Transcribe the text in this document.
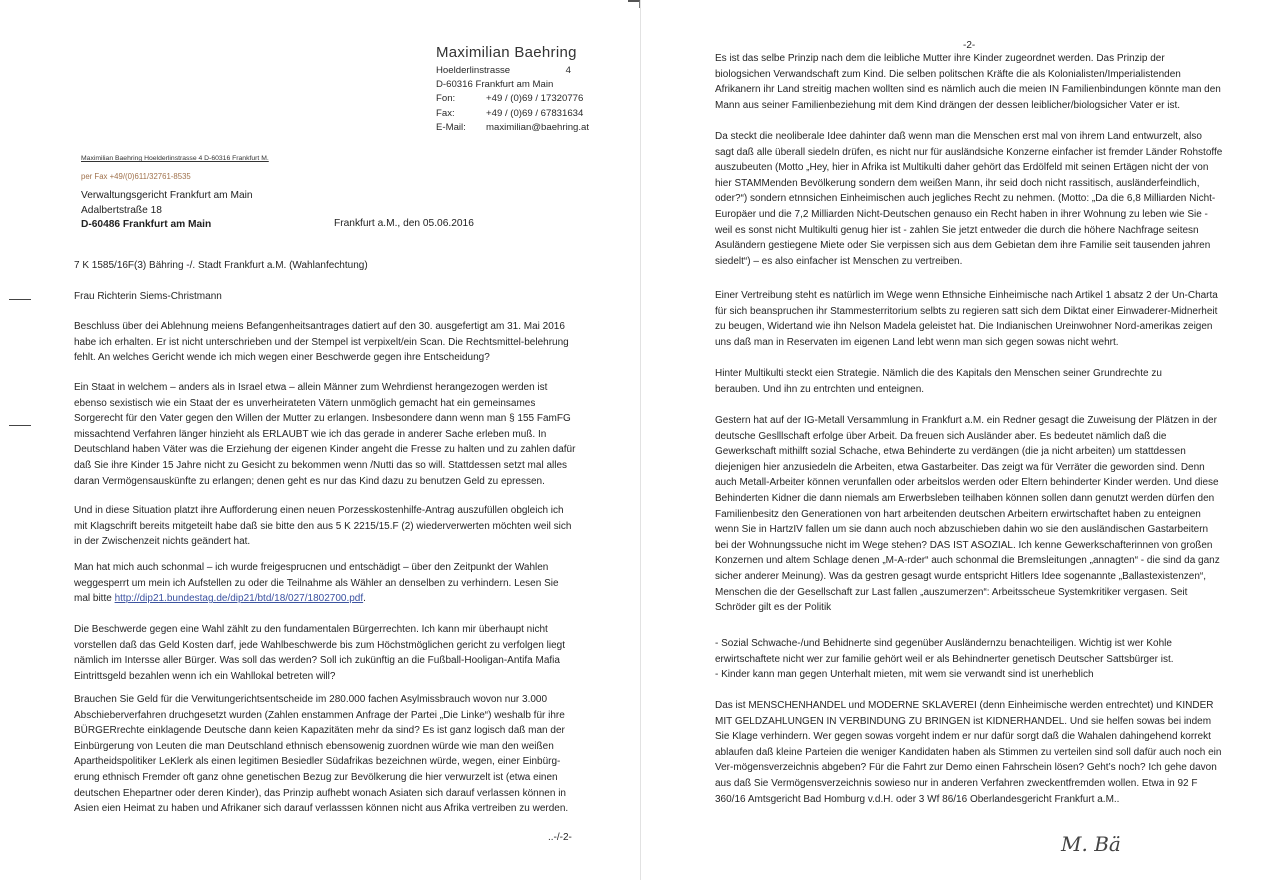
Maximilian Baehring
Hoelderlinstrasse	4
D-60316 Frankfurt am Main
Fon:	+49 / (0)69 / 17320776
Fax:	+49 / (0)69 / 67831634
E-Mail:	maximilian@baehring.at
Maximilian Baehring Hoelderlinstrasse 4 D-60316 Frankfurt M.
per Fax +49/(0)611/32761-8535
Verwaltungsgericht Frankfurt am Main
Adalbertstraße 18
D-60486 Frankfurt am Main	Frankfurt a.M., den 05.06.2016
7 K 1585/16F(3) Bähring -/. Stadt Frankfurt a.M. (Wahlanfechtung)
Frau Richterin Siems-Christmann

Beschluss über dei Ablehnung meiens Befangenheitsantrages datiert auf den 30. ausgefertigt am 31. Mai 2016 habe ich erhalten. Er ist nicht unterschrieben und der Stempel ist verpixelt/ein Scan. Die Rechtsmittel-belehrung fehlt. An welches Gericht wende ich mich wegen einer Beschwerde gegen ihre Entscheidung?

Ein Staat in welchem – anders als in Israel etwa – allein Männer zum Wehrdienst herangezogen werden ist ebenso sexistisch wie ein Staat der es unverheirateten Vätern unmöglich gemacht hat ein gemeinsames Sorgerecht für den Vater gegen den Willen der Mutter zu erlangen. Insbesondere dann wenn man § 155 FamFG missachtend Verfahren länger hinzieht als ERLAUBT wie ich das gerade in anderer Sache erleben muß. In Deutschland haben Väter was die Erziehung der eigenen Kinder angeht die Fresse zu halten und zu zahlen dafür daß Sie ihre Kinder 15 Jahre nicht zu Gesicht zu bekommen wenn /Nutti das so will. Stattdessen setzt mal alles daran Vermögensauskünfte zu erlangen; denen geht es nur das Kind dazu zu benutzen Geld zu epressen.

Und in diese Situation platzt ihre Aufforderung einen neuen Porzesskostenhilfe-Antrag auszufüllen obgleich ich mit Klagschrift bereits mitgeteilt habe daß sie bitte den aus 5 K 2215/15.F (2) wiederverwerten möchten weil sich in der Zwischenzeit nichts geändert hat.

Man hat mich auch schonmal – ich wurde freigesprucnen und entschädigt – über den Zeitpunkt der Wahlen weggesperrt um mein ich Aufstellen zu oder die Teilnahme als Wähler an denselben zu verhindern. Lesen Sie mal bitte http://dip21.bundestag.de/dip21/btd/18/027/1802700.pdf.

Die Beschwerde gegen eine Wahl zählt zu den fundamentalen Bürgerrechten. Ich kann mir überhaupt nicht vorstellen daß das Geld Kosten darf, jede Wahlbeschwerde bis zum Höchstmöglichen gericht zu verfolgen liegt nämlich im Intersse aller Bürger. Was soll das werden? Soll ich zukünftig an die Fußball-Hooligan-Antifa Mafia Eintrittsgeld bezahlen wenn ich ein Wahllokal betreten will?

Brauchen Sie Geld für die Verwitungerichtsentscheide im 280.000 fachen Asylmissbrauch wovon nur 3.000 Abschieberverfahren druchgesetzt wurden (Zahlen enstammen Anfrage der Partei „Die Linke“) weshalb für ihre BÜRGERrechte einklagende Deutsche dann keien Kapazitäten mehr da sind? Es ist ganz logisch daß man der Einbürgerung von Leuten die man Deutschland ethnisch ebensowenig zuordnen würde wie man den weißen Apartheidspolitiker LeKlerk als einen legitimen Besiedler Südafrikas bezeichnen würde, wegen, einer Einbürg-erung ethnisch Fremder oft ganz ohne genetischen Bezug zur Bevölkerung die hier verwurzelt ist (etwa einen deutschen Ehepartner oder deren Kinder), das Prinzip aufhebt wonach Asiaten sich darauf verlassen können in Asien eien Heimat zu haben und Afrikaner sich darauf verlasssen können nicht aus Afrika vertreiben zu werden.

..-/-2-
-2-

Es ist das selbe Prinzip nach dem die leibliche Mutter ihre Kinder zugeordnet werden. Das Prinzip der biologsichen Verwandschaft zum Kind. Die selben politschen Kräfte die als Kolonialisten/Imperialistenden Afrikanern ihr Land streitig machen wollten sind es nämlich auch die meien IN Familienbindungen könnte man den Mann aus seiner Familienbeziehung mit dem Kind drängen der dessen leiblicher/biologsicher Vater er ist.

Da steckt die neoliberale Idee dahinter daß wenn man die Menschen erst mal von ihrem Land entwurzelt, also sagt daß alle überall siedeln drüfen, es nicht nur für ausländsiche Konzerne einfacher ist fremder Länder Rohstoffe auszubeuten (Motto „Hey, hier in Afrika ist Multikulti daher gehört das Erdölfeld mit seinen Ertägen nicht der von hier STAMMenden Bevölkerung sondern dem weißen Mann, ihr seid doch nicht rassitisch, ausländerfeindlich, oder?“) sondern etnnsichen Einheimischen auch jegliches Recht zu nehmen. (Motto: „Da die 6,8 Milliarden Nicht-Europäer und die 7,2 Milliarden Nicht-Deutschen genauso ein Recht haben in ihrer Wohnung zu leben wie Sie - weil es sonst nicht Multikulti genug hier ist - zahlen Sie jetzt entweder die durch die höhere Nachfrage seitesn Asuländern gestiegene Miete oder Sie verpissen sich aus dem Gebietan dem ihre Familie seit tausenden jahren siedelt“) – es also einfacher ist Menschen zu vertreiben.

Einer Vertreibung steht es natürlich im Wege wenn Ethnsiche Einheimische nach Artikel 1 absatz 2 der Un-Charta für sich beanspruchen ihr Stammesterritorium selbts zu regieren satt sich dem Diktat einer Einwaderer-Midnerheit zu beugen, Widertand wie ihn Nelson Madela geleistet hat. Die Indianischen Ureinwohner Nord-amerikas zeigen uns daß man in Reservaten im eigenen Land lebt wenn man sich gegen sowas nicht wehrt.

Hinter Multikulti steckt eien Strategie. Nämlich die des Kapitals den Menschen seiner Grundrechte zu berauben. Und ihn zu entrchten und enteignen.

Gestern hat auf der IG-Metall Versammlung in Frankfurt a.M. ein Redner gesagt die Zuweisung der Plätzen in der deutsche Geslllschaft erfolge über Arbeit. Da freuen sich Ausländer aber. Es bedeutet nämlich daß die Gewerkschaft mithilft sozial Schache, etwa Behinderte zu verdängen (die ja nicht arbeiten) um stattdessen diejenigen hier anzusiedeln die Arbeiten, etwa Gastarbeiter. Das zeigt wa für Verräter die geworden sind. Denn auch Metall-Arbeiter können verunfallen oder arbeitslos werden oder Eltern behinderter Kinder werden. Und diese Behinderten Kidner die dann niemals am Erwerbsleben teilhaben können sollen dann genutzt werden dürfen den Familienbesitz den Generationen von hart arbeitenden deutschen Arbeitern erwirtschaftet haben zu enteignen wenn Sie in HartzIV fallen um sie dann auch noch abzuschieben dahin wo sie den ausländischen Gastarbeitern bei der Wohnungssuche nicht im Wege stehen? DAS IST ASOZIAL. Ich kenne Gewerkschafterinnen von großen Konzernen und altem Schlage denen „M-A-rder“ auch schonmal die Bremsleitungen „annagten“ - die sind da ganz sicher anderer Meinung). Was da gestren gesagt wurde entspricht Hitlers Idee sogenannte „Ballastexistenzen“, Menschen die der Gesellschaft zur Last fallen „auszumerzen“: Arbeitsscheue Systemkritiker vergasen. Seit Schröder gilt es der Politik

- Sozial Schwache-/und Behidnerte sind gegenüber Ausländernzu benachteiligen. Wichtig ist wer Kohle erwirtschaftete nicht wer zur familie gehört weil er als Behindnerter genetisch Deutscher Sattsbürger ist.
- Kinder kann man gegen Unterhalt mieten, mit wem sie verwandt sind ist unerheblich

Das ist MENSCHENHANDEL und MODERNE SKLAVEREI (denn Einheimische werden entrechtet) und KINDER MIT GELDZAHLUNGEN IN VERBINDUNG ZU BRINGEN ist KIDNERHANDEL. Und sie helfen sowas bei indem Sie Klage verhindern. Wer gegen sowas vorgeht indem er nur dafür sorgt daß die Wahalen dahingehend korrekt ablaufen daß kleine Parteien die weniger Kandidaten haben als Stimmen zu verteilen sind soll dafür auch noch ein Ver-mögensverzeichnis abgeben? Für die Fahrt zur Demo einen Fahrschein lösen? Geht’s noch? Ich gehe davon aus daß Sie Vermögensverzeichnis sowieso nur in anderen Verfahren zweckentfremden wollen. Etwa in 92 F 360/16 Amtsgericht Bad Homburg v.d.H. oder 3 Wf 86/16 Oberlandesgericht Frankfurt a.M..

M. Bä
